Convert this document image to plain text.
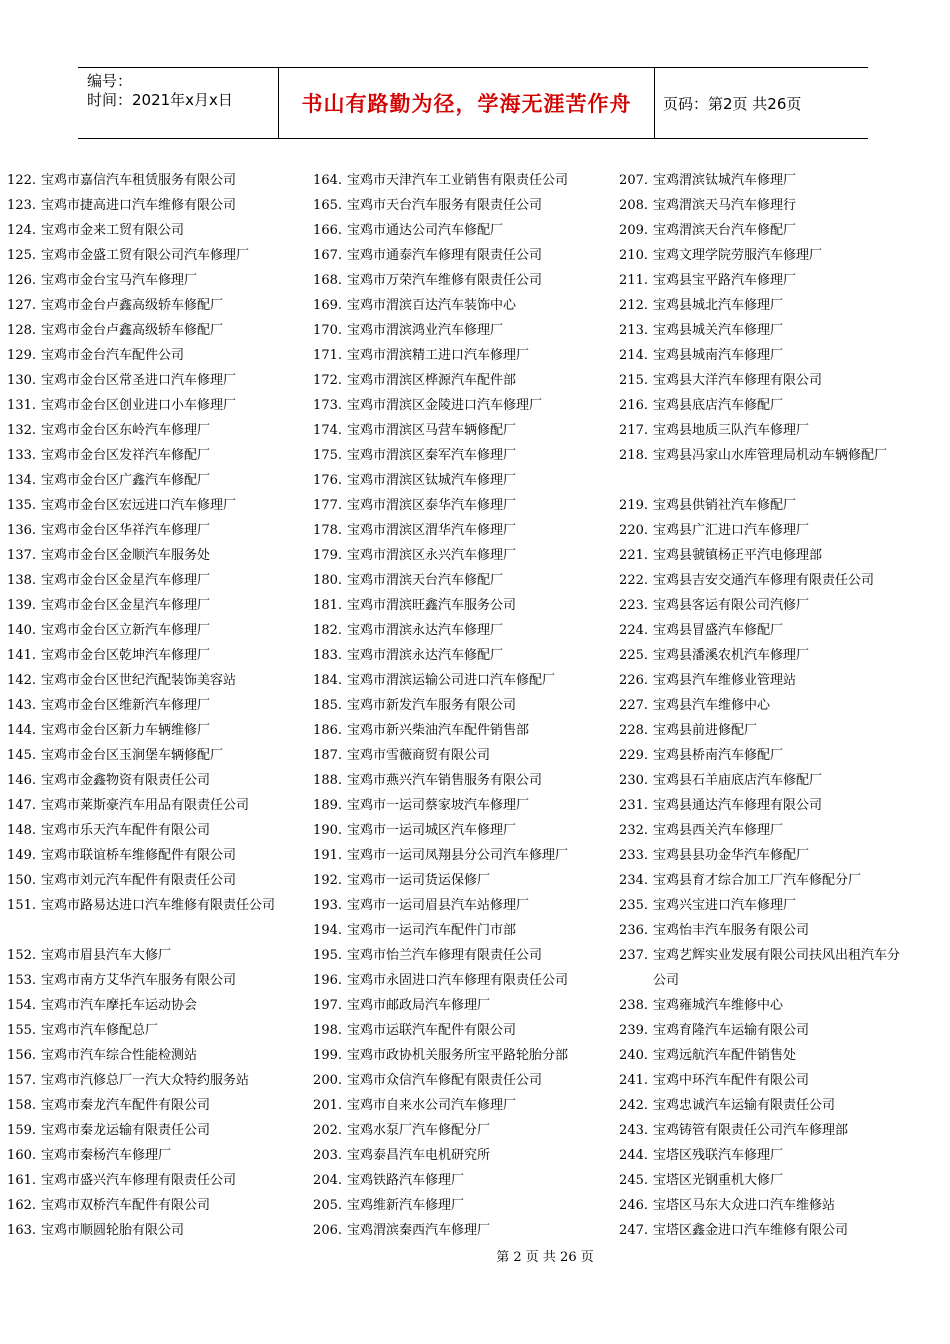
编号：
时间：2021年x月x日	书山有路勤为径，学海无涯苦作舟	页码：第2页 共26页
122. 宝鸡市嘉信汽车租赁服务有限公司
123. 宝鸡市捷高进口汽车维修有限公司
124. 宝鸡市金来工贸有限公司
125. 宝鸡市金盛工贸有限公司汽车修理厂
126. 宝鸡市金台宝马汽车修理厂
127. 宝鸡市金台卢鑫高级轿车修配厂
128. 宝鸡市金台卢鑫高级轿车修配厂
129. 宝鸡市金台汽车配件公司
130. 宝鸡市金台区常圣进口汽车修理厂
131. 宝鸡市金台区创业进口小车修理厂
132. 宝鸡市金台区东岭汽车修理厂
133. 宝鸡市金台区发祥汽车修配厂
134. 宝鸡市金台区广鑫汽车修配厂
135. 宝鸡市金台区宏远进口汽车修理厂
136. 宝鸡市金台区华祥汽车修理厂
137. 宝鸡市金台区金顺汽车服务处
138. 宝鸡市金台区金星汽车修理厂
139. 宝鸡市金台区金星汽车修理厂
140. 宝鸡市金台区立新汽车修理厂
141. 宝鸡市金台区乾坤汽车修理厂
142. 宝鸡市金台区世纪汽配装饰美容站
143. 宝鸡市金台区维新汽车修理厂
144. 宝鸡市金台区新力车辆维修厂
145. 宝鸡市金台区玉涧堡车辆修配厂
146. 宝鸡市金鑫物资有限责任公司
147. 宝鸡市莱斯豪汽车用品有限责任公司
148. 宝鸡市乐天汽车配件有限公司
149. 宝鸡市联谊桥车维修配件有限公司
150. 宝鸡市刘元汽车配件有限责任公司
151. 宝鸡市路易达进口汽车维修有限责任公司
152. 宝鸡市眉县汽车大修厂
153. 宝鸡市南方艾华汽车服务有限公司
154. 宝鸡市汽车摩托车运动协会
155. 宝鸡市汽车修配总厂
156. 宝鸡市汽车综合性能检测站
157. 宝鸡市汽修总厂一汽大众特约服务站
158. 宝鸡市秦龙汽车配件有限公司
159. 宝鸡市秦龙运输有限责任公司
160. 宝鸡市秦杨汽车修理厂
161. 宝鸡市盛兴汽车修理有限责任公司
162. 宝鸡市双桥汽车配件有限公司
163. 宝鸡市顺圆轮胎有限公司
164. 宝鸡市天津汽车工业销售有限责任公司
165. 宝鸡市天台汽车服务有限责任公司
166. 宝鸡市通达公司汽车修配厂
167. 宝鸡市通泰汽车修理有限责任公司
168. 宝鸡市万荣汽车维修有限责任公司
169. 宝鸡市渭滨百达汽车装饰中心
170. 宝鸡市渭滨鸿业汽车修理厂
171. 宝鸡市渭滨精工进口汽车修理厂
172. 宝鸡市渭滨区桦源汽车配件部
173. 宝鸡市渭滨区金陵进口汽车修理厂
174. 宝鸡市渭滨区马营车辆修配厂
175. 宝鸡市渭滨区秦军汽车修理厂
176. 宝鸡市渭滨区钛城汽车修理厂
177. 宝鸡市渭滨区泰华汽车修理厂
178. 宝鸡市渭滨区渭华汽车修理厂
179. 宝鸡市渭滨区永兴汽车修理厂
180. 宝鸡市渭滨天台汽车修配厂
181. 宝鸡市渭滨旺鑫汽车服务公司
182. 宝鸡市渭滨永达汽车修理厂
183. 宝鸡市渭滨永达汽车修配厂
184. 宝鸡市渭滨运输公司进口汽车修配厂
185. 宝鸡市新发汽车服务有限公司
186. 宝鸡市新兴柴油汽车配件销售部
187. 宝鸡市雪薇商贸有限公司
188. 宝鸡市燕兴汽车销售服务有限公司
189. 宝鸡市一运司蔡家坡汽车修理厂
190. 宝鸡市一运司城区汽车修理厂
191. 宝鸡市一运司凤翔县分公司汽车修理厂
192. 宝鸡市一运司货运保修厂
193. 宝鸡市一运司眉县汽车站修理厂
194. 宝鸡市一运司汽车配件门市部
195. 宝鸡市怡兰汽车修理有限责任公司
196. 宝鸡市永固进口汽车修理有限责任公司
197. 宝鸡市邮政局汽车修理厂
198. 宝鸡市运联汽车配件有限公司
199. 宝鸡市政协机关服务所宝平路轮胎分部
200. 宝鸡市众信汽车修配有限责任公司
201. 宝鸡市自来水公司汽车修理厂
202. 宝鸡水泵厂汽车修配分厂
203. 宝鸡泰昌汽车电机研究所
204. 宝鸡铁路汽车修理厂
205. 宝鸡维新汽车修理厂
206. 宝鸡渭滨秦西汽车修理厂
207. 宝鸡渭滨钛城汽车修理厂
208. 宝鸡渭滨天马汽车修理行
209. 宝鸡渭滨天台汽车修配厂
210. 宝鸡文理学院劳服汽车修理厂
211. 宝鸡县宝平路汽车修理厂
212. 宝鸡县城北汽车修理厂
213. 宝鸡县城关汽车修理厂
214. 宝鸡县城南汽车修理厂
215. 宝鸡县大洋汽车修理有限公司
216. 宝鸡县底店汽车修配厂
217. 宝鸡县地质三队汽车修理厂
218. 宝鸡县冯家山水库管理局机动车辆修配厂
219. 宝鸡县供销社汽车修配厂
220. 宝鸡县广汇进口汽车修理厂
221. 宝鸡县虢镇杨正平汽电修理部
222. 宝鸡县吉安交通汽车修理有限责任公司
223. 宝鸡县客运有限公司汽修厂
224. 宝鸡县冒盛汽车修配厂
225. 宝鸡县潘溪农机汽车修理厂
226. 宝鸡县汽车维修业管理站
227. 宝鸡县汽车维修中心
228. 宝鸡县前进修配厂
229. 宝鸡县桥南汽车修配厂
230. 宝鸡县石羊庙底店汽车修配厂
231. 宝鸡县通达汽车修理有限公司
232. 宝鸡县西关汽车修理厂
233. 宝鸡县县功金华汽车修配厂
234. 宝鸡县育才综合加工厂汽车修配分厂
235. 宝鸡兴宝进口汽车修理厂
236. 宝鸡怡丰汽车服务有限公司
237. 宝鸡艺辉实业发展有限公司扶风出租汽车分公司
238. 宝鸡雍城汽车维修中心
239. 宝鸡育隆汽车运输有限公司
240. 宝鸡远航汽车配件销售处
241. 宝鸡中环汽车配件有限公司
242. 宝鸡忠诚汽车运输有限责任公司
243. 宝鸡铸管有限责任公司汽车修理部
244. 宝塔区残联汽车修理厂
245. 宝塔区光钢重机大修厂
246. 宝塔区马东大众进口汽车维修站
247. 宝塔区鑫金进口汽车维修有限公司
第 2 页 共 26 页
